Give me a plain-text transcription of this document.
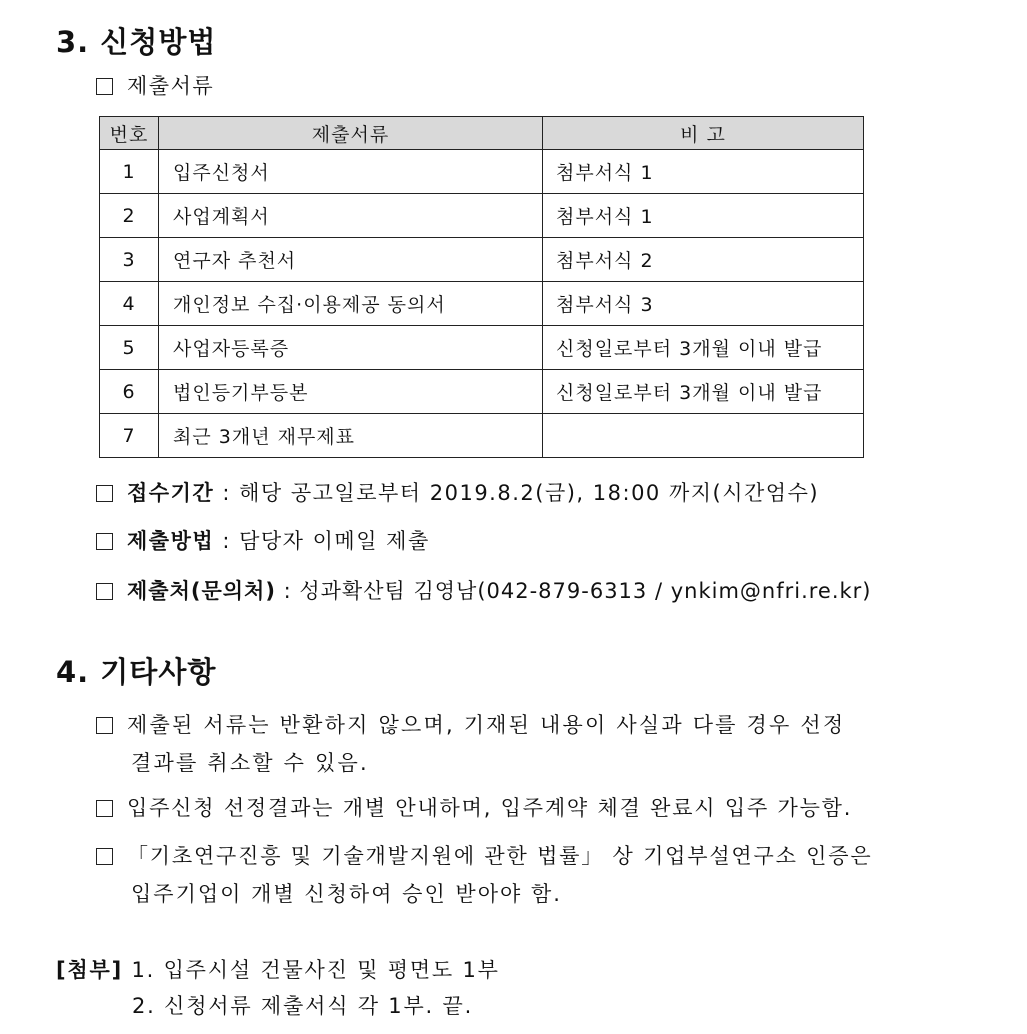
3. 신청방법
제출서류
번호	제출서류	비 고
1	입주신청서	첨부서식 1
2	사업계획서	첨부서식 1
3	연구자 추천서	첨부서식 2
4	개인정보 수집·이용제공 동의서	첨부서식 3
5	사업자등록증	신청일로부터 3개월 이내 발급
6	법인등기부등본	신청일로부터 3개월 이내 발급
7	최근 3개년 재무제표	
접수기간 : 해당 공고일로부터 2019.8.2(금), 18:00 까지(시간엄수)
제출방법 : 담당자 이메일 제출
제출처(문의처) : 성과확산팀 김영남(042-879-6313 / ynkim@nfri.re.kr)
4. 기타사항
제출된 서류는 반환하지 않으며, 기재된 내용이 사실과 다를 경우 선정
결과를 취소할 수 있음.
입주신청 선정결과는 개별 안내하며, 입주계약 체결 완료시 입주 가능함.
「기초연구진흥 및 기술개발지원에 관한 법률」 상 기업부설연구소 인증은
입주기업이 개별 신청하여 승인 받아야 함.
[첨부] 1. 입주시설 건물사진 및 평면도 1부
2. 신청서류 제출서식 각 1부. 끝.
